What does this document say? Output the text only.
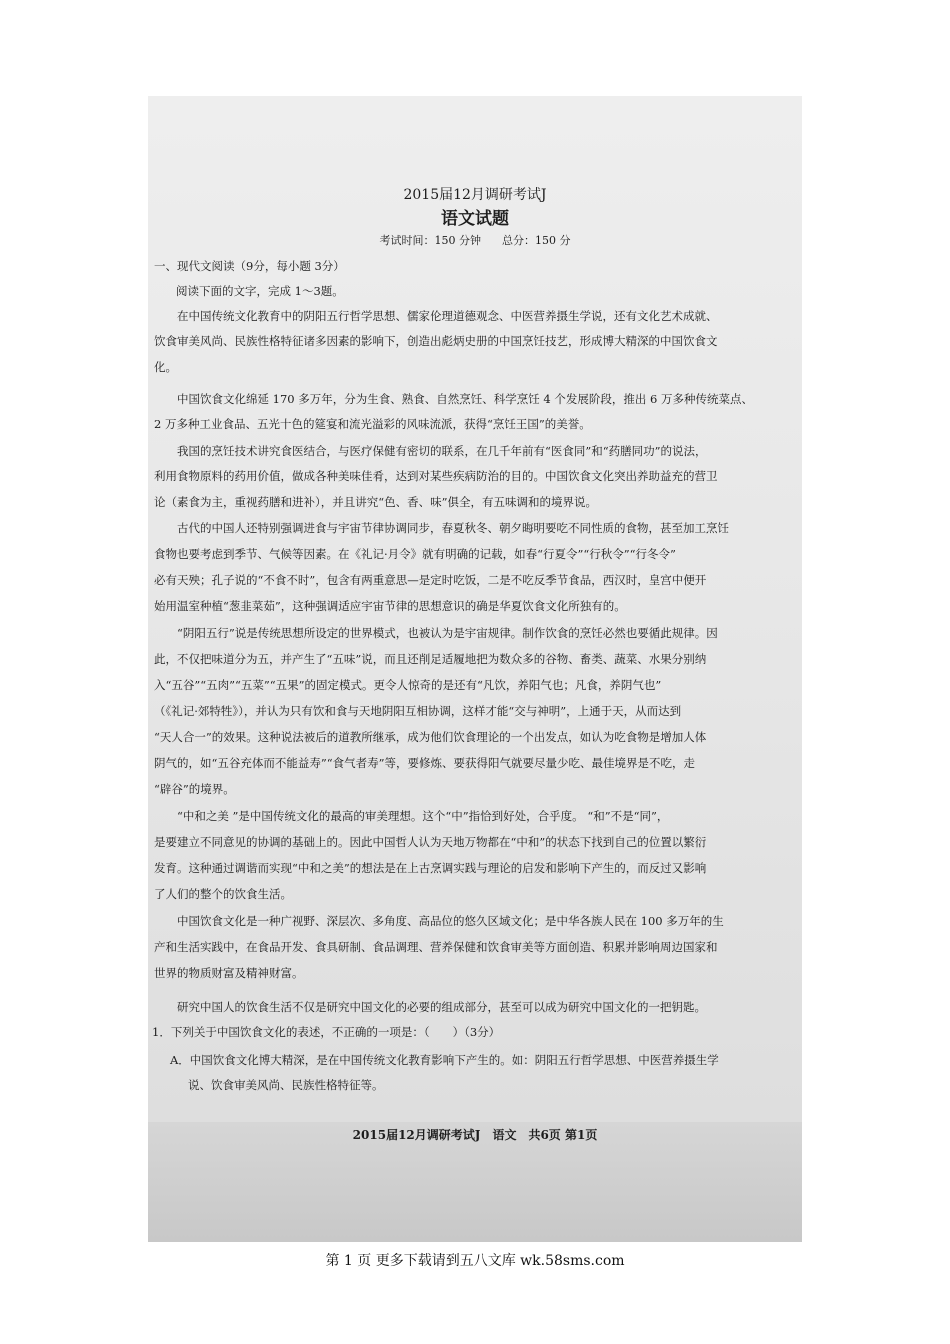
2015届12月调研考试J
语文试题
考试时间：150 分钟 总分：150 分
一、现代文阅读（9分，每小题 3分）
阅读下面的文字，完成 1～3题。
在中国传统文化教育中的阴阳五行哲学思想、儒家伦理道德观念、中医营养摄生学说，还有文化艺术成就、
饮食审美风尚、民族性格特征诸多因素的影响下，创造出彪炳史册的中国烹饪技艺，形成博大精深的中国饮食文
化。
中国饮食文化绵延 170 多万年，分为生食、熟食、自然烹饪、科学烹饪 4 个发展阶段，推出 6 万多种传统菜点、
2 万多种工业食品、五光十色的筵宴和流光溢彩的风味流派，获得“烹饪王国”的美誉。
我国的烹饪技术讲究食医结合，与医疗保健有密切的联系，在几千年前有“医食同”和“药膳同功”的说法，
利用食物原料的药用价值，做成各种美味佳肴，达到对某些疾病防治的目的。中国饮食文化突出养助益充的营卫
论（素食为主，重视药膳和进补），并且讲究“色、香、味”俱全，有五味调和的境界说。
古代的中国人还特别强调进食与宇宙节律协调同步，春夏秋冬、朝夕晦明要吃不同性质的食物，甚至加工烹饪
食物也要考虑到季节、气候等因素。在《礼记·月令》就有明确的记载，如春“行夏令”“行秋令”“行冬令”
必有天殃；孔子说的“不食不时”，包含有两重意思—是定时吃饭，二是不吃反季节食品，西汉时，皇宫中便开
始用温室种植“葱韭菜茹”，这种强调适应宇宙节律的思想意识的确是华夏饮食文化所独有的。
“阴阳五行”说是传统思想所设定的世界模式，也被认为是宇宙规律。制作饮食的烹饪必然也要循此规律。因
此，不仅把味道分为五，并产生了“五味”说，而且还削足适履地把为数众多的谷物、畜类、蔬菜、水果分别纳
入“五谷”“五肉”“五菜”“五果”的固定模式。更令人惊奇的是还有“凡饮，养阳气也；凡食，养阴气也”
（《礼记·郊特牲》），并认为只有饮和食与天地阴阳互相协调，这样才能“交与神明”，上通于天，从而达到
“天人合一”的效果。这种说法被后的道教所继承，成为他们饮食理论的一个出发点，如认为吃食物是增加人体
阴气的，如“五谷充体而不能益寿”“食气者寿”等，要修炼、要获得阳气就要尽量少吃、最佳境界是不吃，走
“辟谷”的境界。
“中和之美 ”是中国传统文化的最高的审美理想。这个“中”指恰到好处，合乎度。 “和”不是“同”，
是要建立不同意见的协调的基础上的。因此中国哲人认为天地万物都在“中和”的状态下找到自己的位置以繁衍
发育。这种通过调谐而实现“中和之美”的想法是在上古烹调实践与理论的启发和影响下产生的，而反过又影响
了人们的整个的饮食生活。
中国饮食文化是一种广视野、深层次、多角度、高品位的悠久区域文化；是中华各族人民在 100 多万年的生
产和生活实践中，在食品开发、食具研制、食品调理、营养保健和饮食审美等方面创造、积累并影响周边国家和
世界的物质财富及精神财富。
研究中国人的饮食生活不仅是研究中国文化的必要的组成部分，甚至可以成为研究中国文化的一把钥匙。
1．下列关于中国饮食文化的表述，不正确的一项是：（　　）（3分）
A．中国饮食文化博大精深，是在中国传统文化教育影响下产生的。如：阴阳五行哲学思想、中医营养摄生学
说、饮食审美风尚、民族性格特征等。
2015届12月调研考试J　语文　共6页 第1页
第 1 页 更多下载请到五八文库 wk.58sms.com
